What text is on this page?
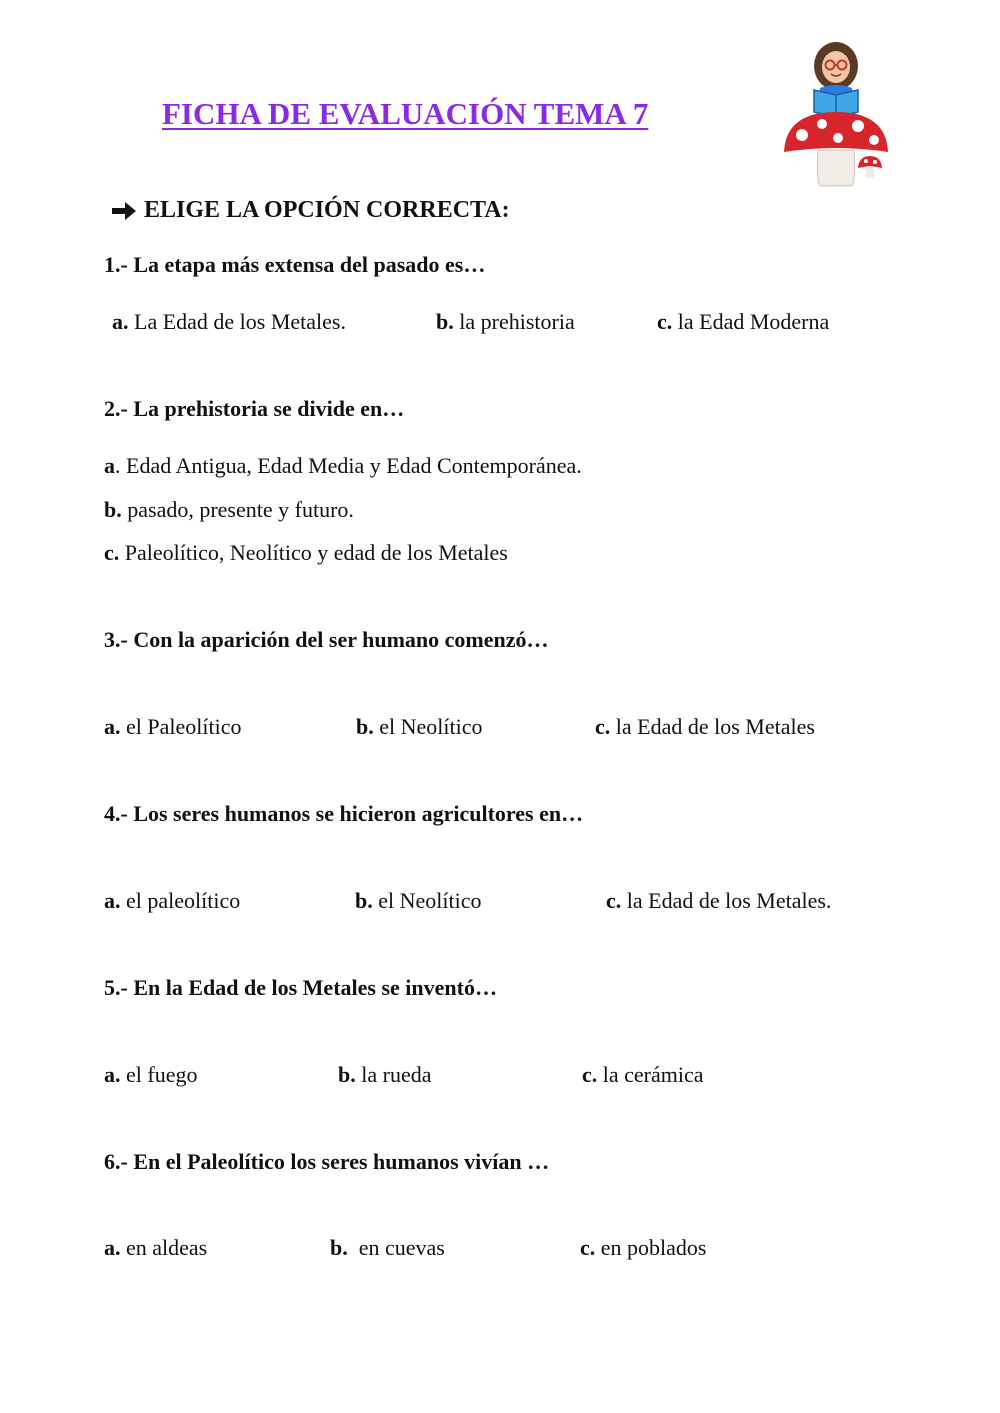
FICHA DE EVALUACIÓN TEMA 7
ELIGE LA OPCIÓN CORRECTA:
1.- La etapa más extensa del pasado es…
a. La Edad de los Metales.	b. la prehistoria	c. la Edad Moderna
2.- La prehistoria se divide en…
a. Edad Antigua, Edad Media y Edad Contemporánea.
b. pasado, presente y futuro.
c. Paleolítico, Neolítico y edad de los Metales
3.- Con la aparición del ser humano comenzó…
a. el Paleolítico	b. el Neolítico	c. la Edad de los Metales
4.- Los seres humanos se hicieron agricultores en…
a. el paleolítico	b. el Neolítico	c. la Edad de los Metales.
5.- En la Edad de los Metales se inventó…
a. el fuego	b. la rueda	c. la cerámica
6.- En el Paleolítico los seres humanos vivían …
a. en aldeas	b.  en cuevas	c. en poblados
